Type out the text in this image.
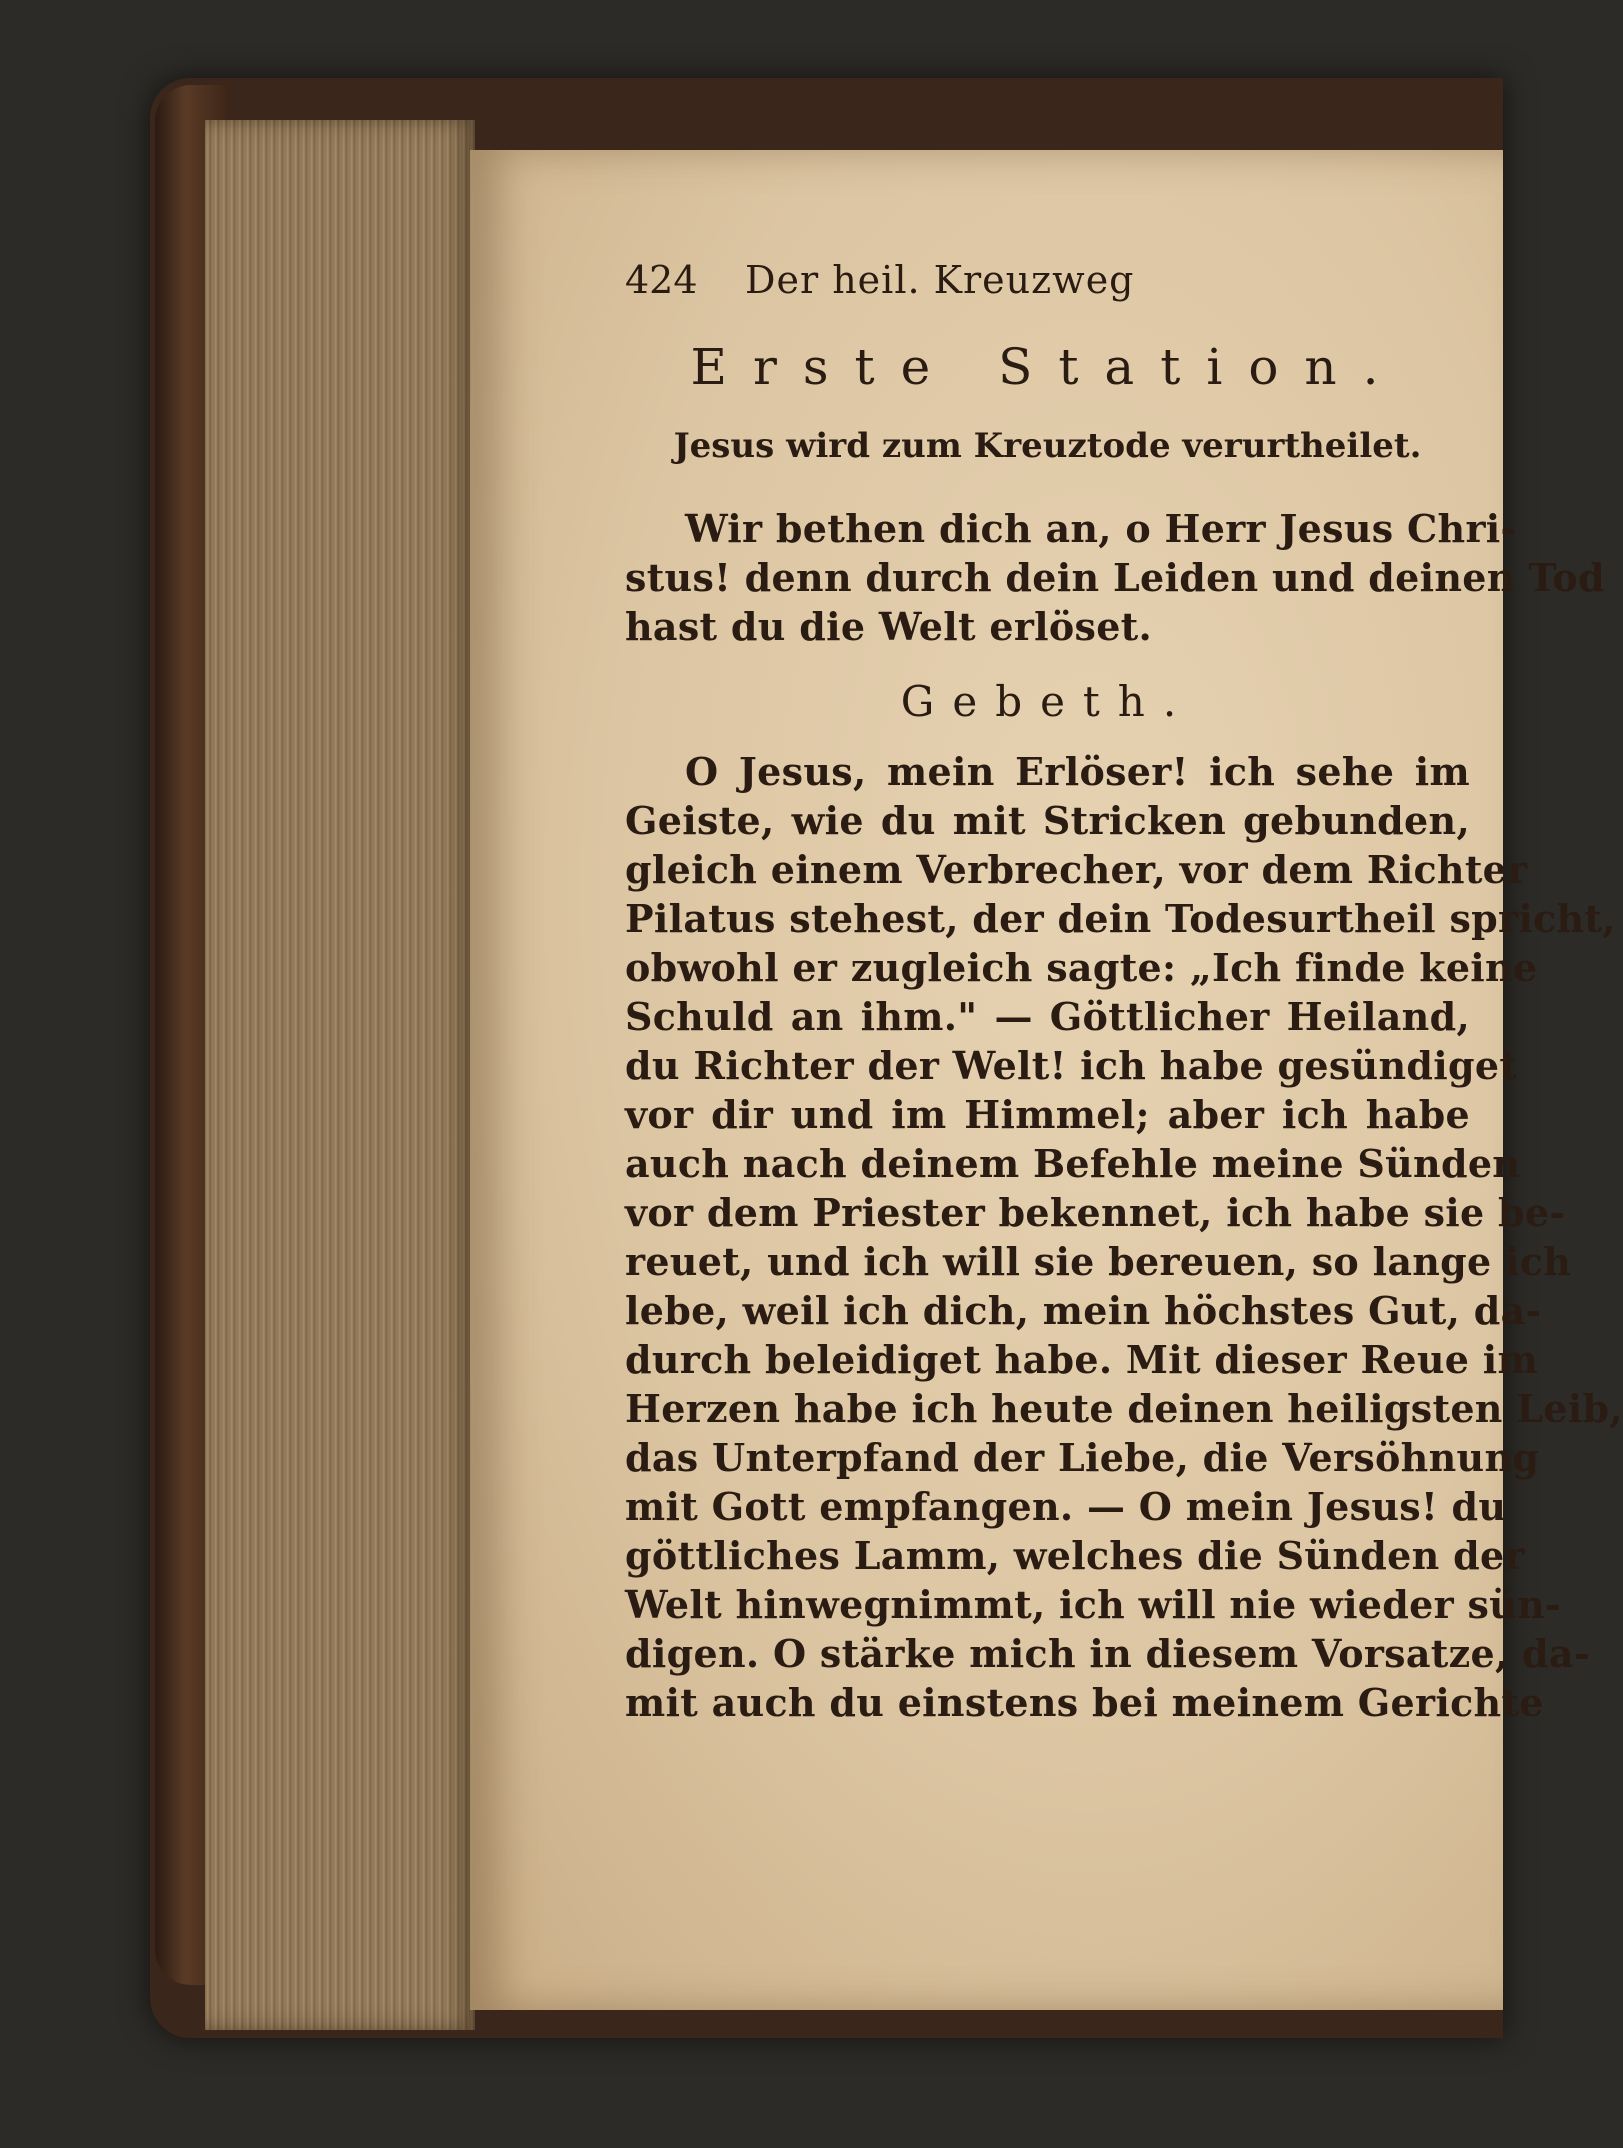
424	Der heil. Kreuzweg
Erste Station.
Jesus wird zum Kreuztode verurtheilet.
Wir bethen dich an, o Herr Jesus Chri-
stus! denn durch dein Leiden und deinen Tod
hast du die Welt erlöset.
Gebeth.
O Jesus, mein Erlöser! ich sehe im
Geiste, wie du mit Stricken gebunden,
gleich einem Verbrecher, vor dem Richter
Pilatus stehest, der dein Todesurtheil spricht,
obwohl er zugleich sagte: „Ich finde keine
Schuld an ihm." — Göttlicher Heiland,
du Richter der Welt! ich habe gesündiget
vor dir und im Himmel; aber ich habe
auch nach deinem Befehle meine Sünden
vor dem Priester bekennet, ich habe sie be-
reuet, und ich will sie bereuen, so lange ich
lebe, weil ich dich, mein höchstes Gut, da-
durch beleidiget habe. Mit dieser Reue im
Herzen habe ich heute deinen heiligsten Leib,
das Unterpfand der Liebe, die Versöhnung
mit Gott empfangen. — O mein Jesus! du
göttliches Lamm, welches die Sünden der
Welt hinwegnimmt, ich will nie wieder sün-
digen. O stärke mich in diesem Vorsatze, da-
mit auch du einstens bei meinem Gerichte
